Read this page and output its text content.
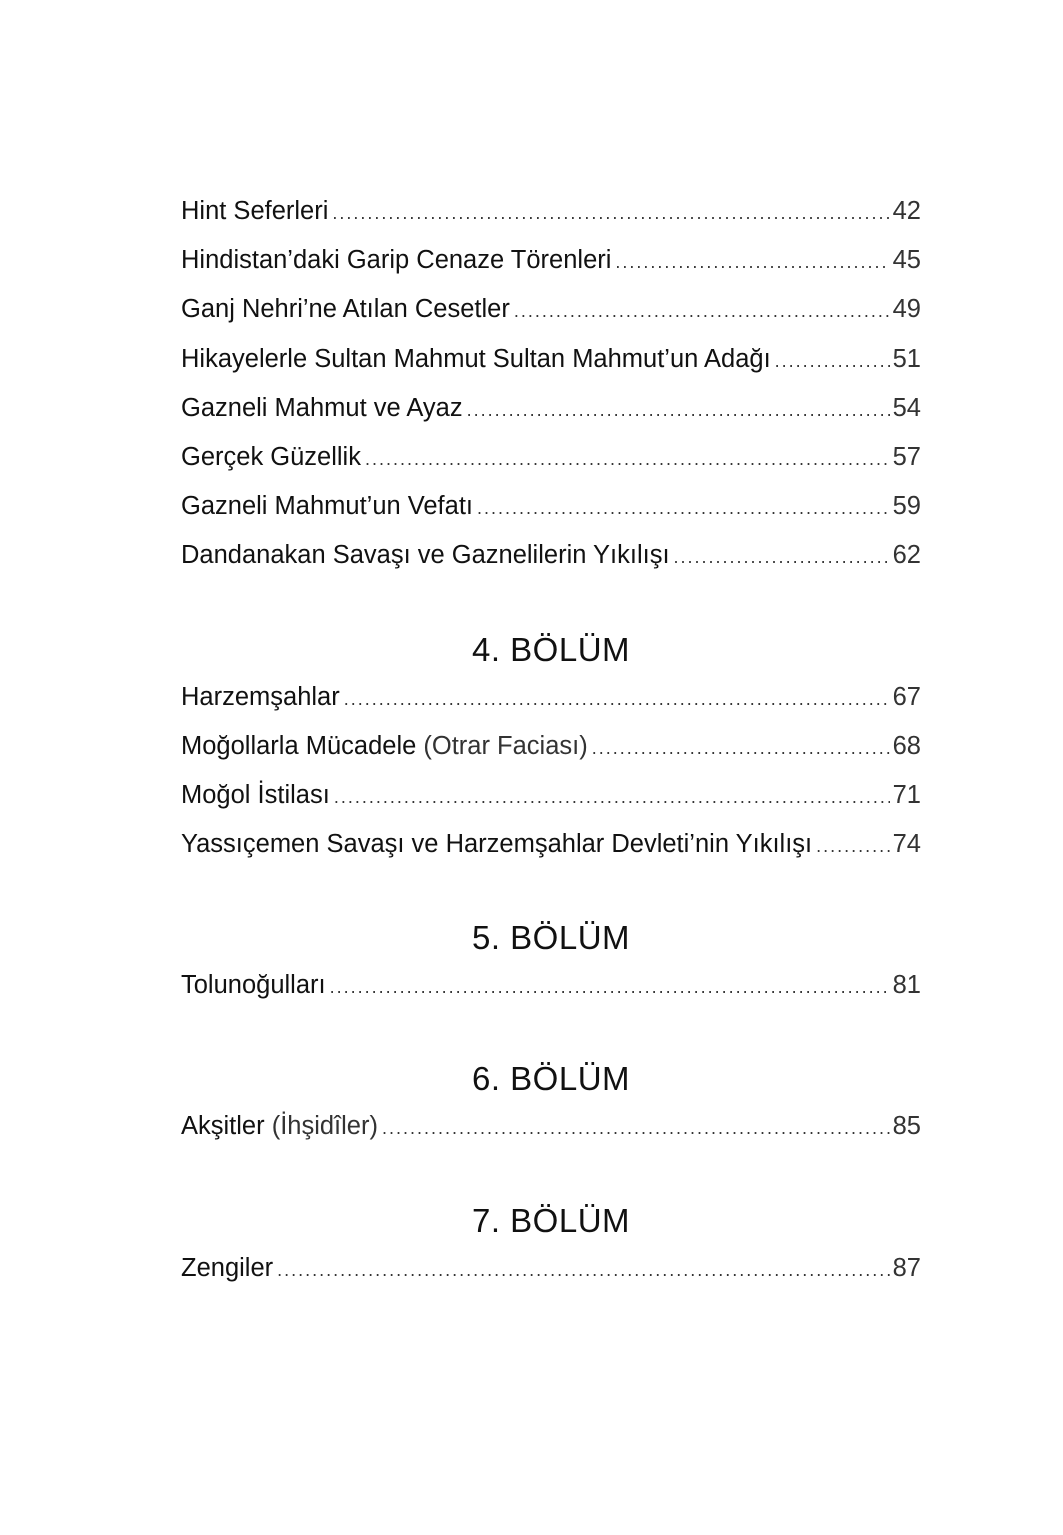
Hint Seferleri .....	42
Hindistan’daki Garip Cenaze Törenleri .....	45
Ganj Nehri’ne Atılan Cesetler .....	49
Hikayelerle Sultan Mahmut Sultan Mahmut’un Adağı .....	51
Gazneli Mahmut ve Ayaz .....	54
Gerçek Güzellik .....	57
Gazneli Mahmut’un Vefatı .....	59
Dandanakan Savaşı ve Gaznelilerin Yıkılışı .....	62
4. BÖLÜM
Harzemşahlar .....	67
Moğollarla Mücadele (Otrar Faciası) .....	68
Moğol İstilası .....	71
Yassıçemen Savaşı ve Harzemşahlar Devleti’nin Yıkılışı .....	74
5. BÖLÜM
Tolunoğulları .....	81
6. BÖLÜM
Akşitler (İhşidîler) .....	85
7. BÖLÜM
Zengiler .....	87
